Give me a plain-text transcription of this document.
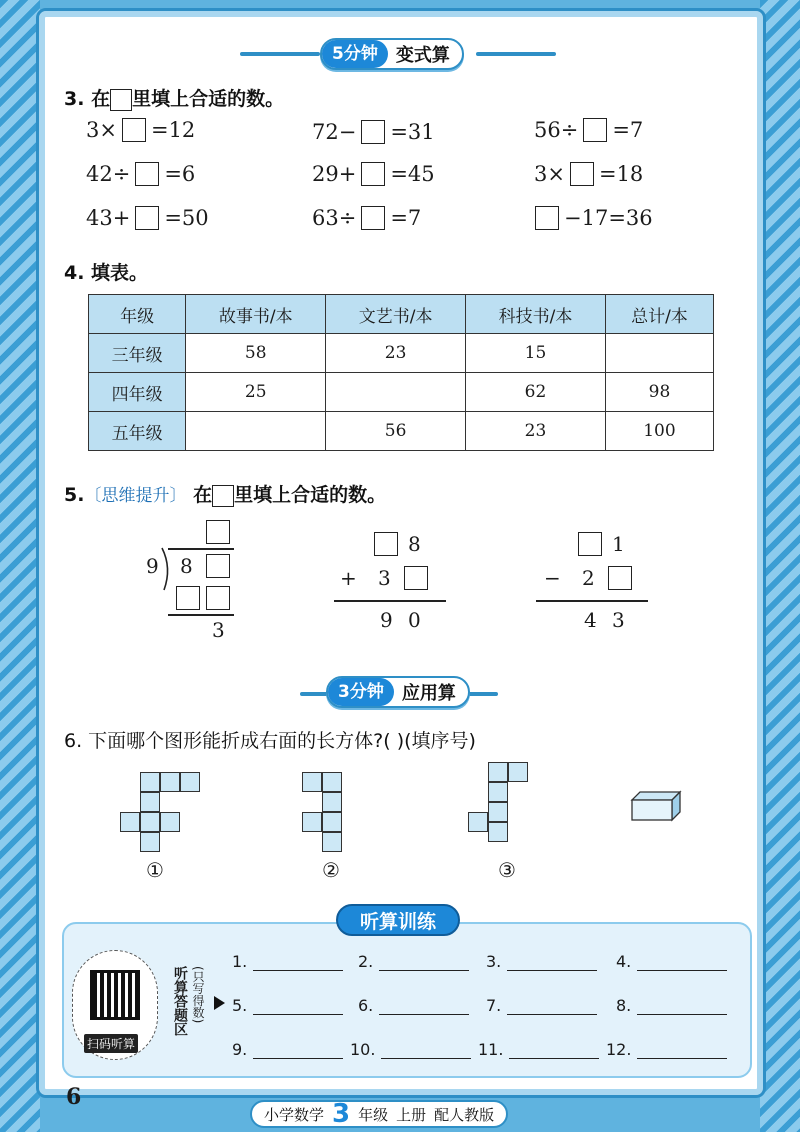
5分钟	变式算
3. 在 里填上合适的数。
3× =12	72− =31	56÷ =7
42÷ =6	29+ =45	3× =18
43+ =50	63÷ =7	−17=36
4. 填表。
年级	故事书/本	文艺书/本	科技书/本	总计/本
三年级	58	23	15	
四年级	25		62	98
五年级		56	23	100
5.〔思维提升〕 在 里填上合适的数。
9 8
3
8
+ 3
9 0
1
− 2
4 3
3分钟	应用算
6. 下面哪个图形能折成右面的长方体?( )(填序号)
①	②	③
听算训练
扫码听算
听算答题区 (只写得数)
1.	2.	3.	4.
5.	6.	7.	8.
9.	10.	11.	12.
6
小学数学 3 年级 上册 配人教版
